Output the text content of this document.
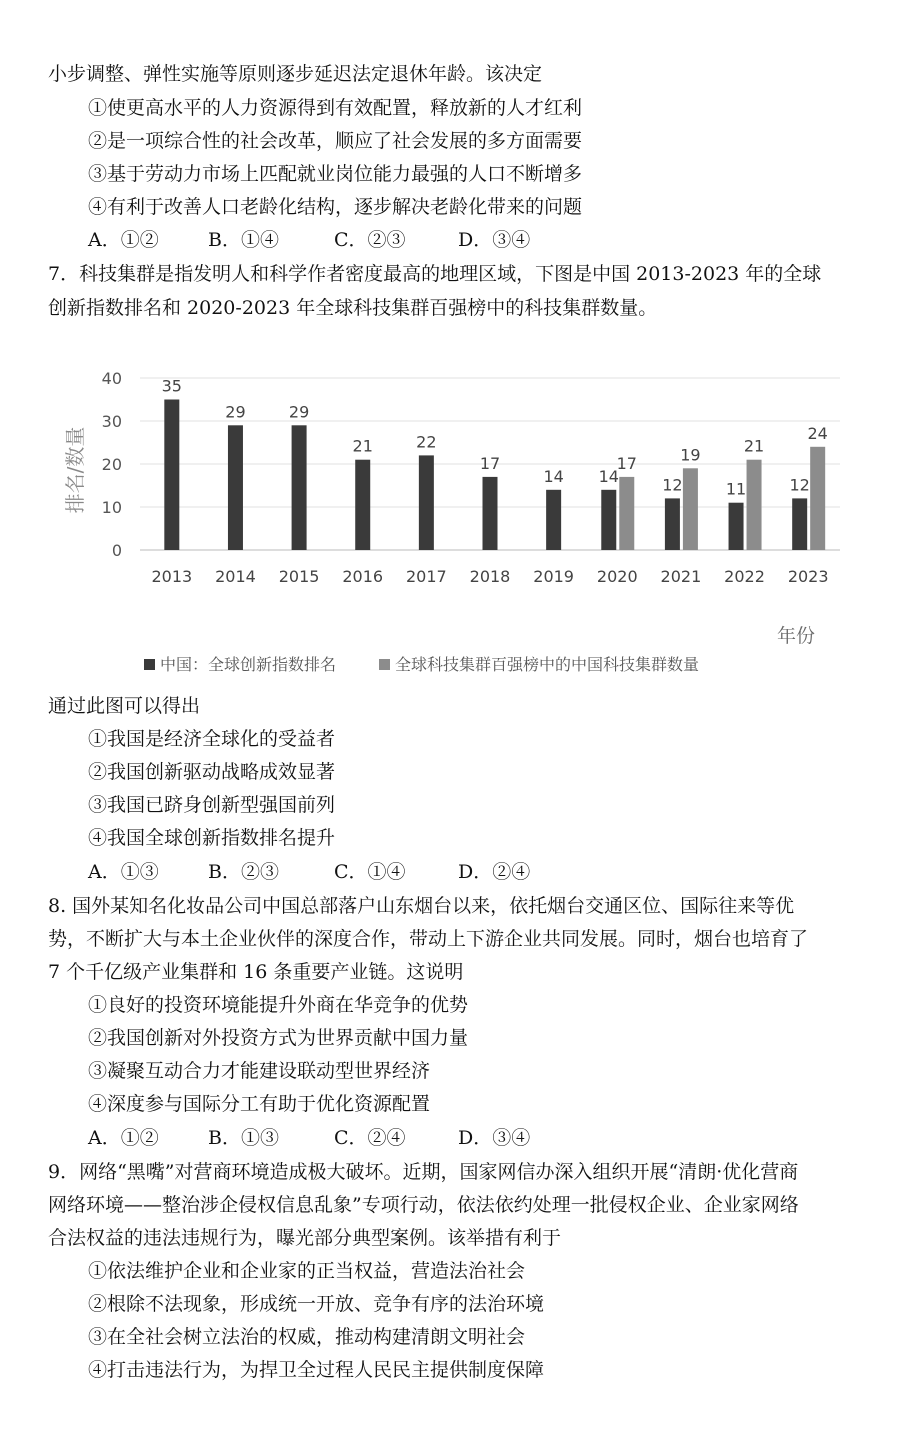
小步调整、弹性实施等原则逐步延迟法定退休年龄。该决定
①使更高水平的人力资源得到有效配置，释放新的人才红利
②是一项综合性的社会改革，顺应了社会发展的多方面需要
③基于劳动力市场上匹配就业岗位能力最强的人口不断增多
④有利于改善人口老龄化结构，逐步解决老龄化带来的问题
A．①②	B．①④	C．②③	D．③④
7．科技集群是指发明人和科学作者密度最高的地理区域，下图是中国 2013-2023 年的全球
创新指数排名和 2020-2023 年全球科技集群百强榜中的科技集群数量。
0
10
20
30
40
2013 2014 2015 2016 2017 2018 2019 2020 2021 2022 2023
35
29	29
21	22
17
14 14
17
12
19
11
21
12
24
排名/数量
年份
中国：全球创新指数排名	全球科技集群百强榜中的中国科技集群数量
通过此图可以得出
①我国是经济全球化的受益者
②我国创新驱动战略成效显著
③我国已跻身创新型强国前列
④我国全球创新指数排名提升
A．①③	B．②③	C．①④	D．②④
8. 国外某知名化妆品公司中国总部落户山东烟台以来，依托烟台交通区位、国际往来等优
势，不断扩大与本土企业伙伴的深度合作，带动上下游企业共同发展。同时，烟台也培育了
7 个千亿级产业集群和 16 条重要产业链。这说明
①良好的投资环境能提升外商在华竞争的优势
②我国创新对外投资方式为世界贡献中国力量
③凝聚互动合力才能建设联动型世界经济
④深度参与国际分工有助于优化资源配置
A．①②	B．①③	C．②④	D．③④
9．网络“黑嘴”对营商环境造成极大破坏。近期，国家网信办深入组织开展“清朗·优化营商
网络环境——整治涉企侵权信息乱象”专项行动，依法依约处理一批侵权企业、企业家网络
合法权益的违法违规行为，曝光部分典型案例。该举措有利于
①依法维护企业和企业家的正当权益，营造法治社会
②根除不法现象，形成统一开放、竞争有序的法治环境
③在全社会树立法治的权威，推动构建清朗文明社会
④打击违法行为，为捍卫全过程人民民主提供制度保障
